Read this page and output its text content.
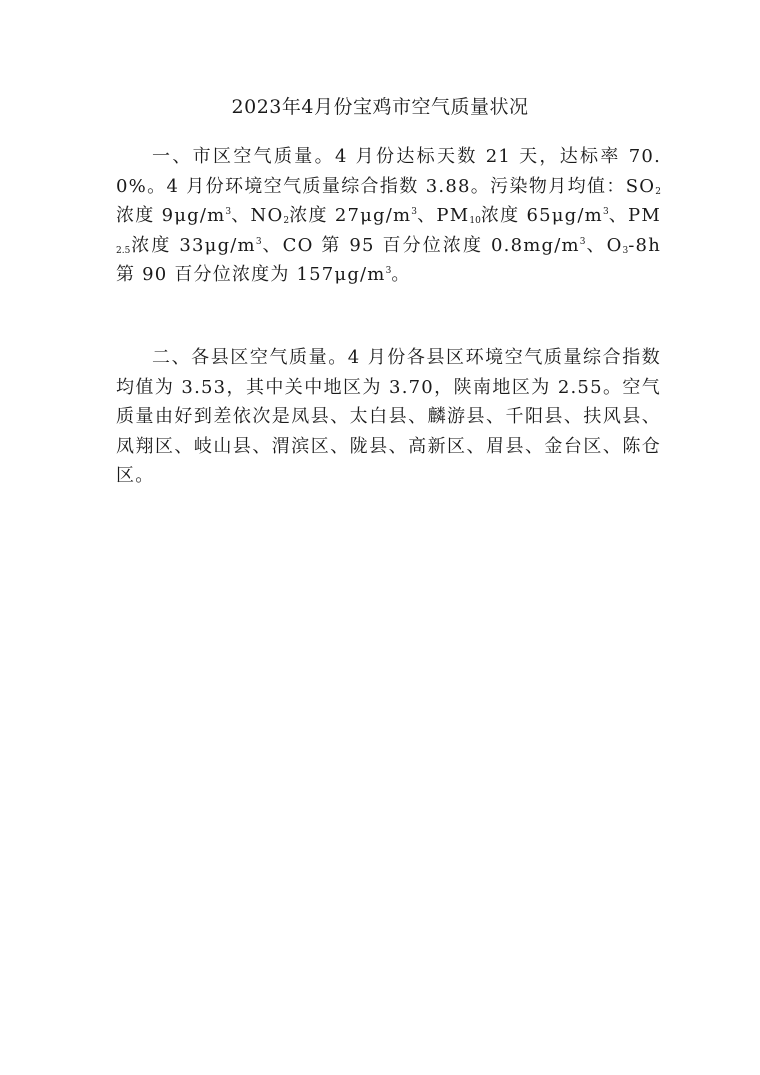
2023年4月份宝鸡市空气质量状况
一、市区空气质量。4 月份达标天数 21 天，达标率 70.0%。4 月份环境空气质量综合指数 3.88。污染物月均值：$SO_2$浓度 $9\mu g/m^3$、$NO_2$浓度 $27\mu g/m^3$、$PM_{10}$浓度 $65\mu g/m^3$、$PM_{2.5}$浓度 $33\mu g/m^3$、CO 第 95 百分位浓度 $0.8mg/m^3$、$O_3-8h$ 第 90 百分位浓度为 $157\mu g/m^3$。
二、各县区空气质量。4 月份各县区环境空气质量综合指数均值为 3.53，其中关中地区为 3.70，陕南地区为 2.55。空气质量由好到差依次是凤县、太白县、麟游县、千阳县、扶风县、凤翔区、岐山县、渭滨区、陇县、高新区、眉县、金台区、陈仓区。
